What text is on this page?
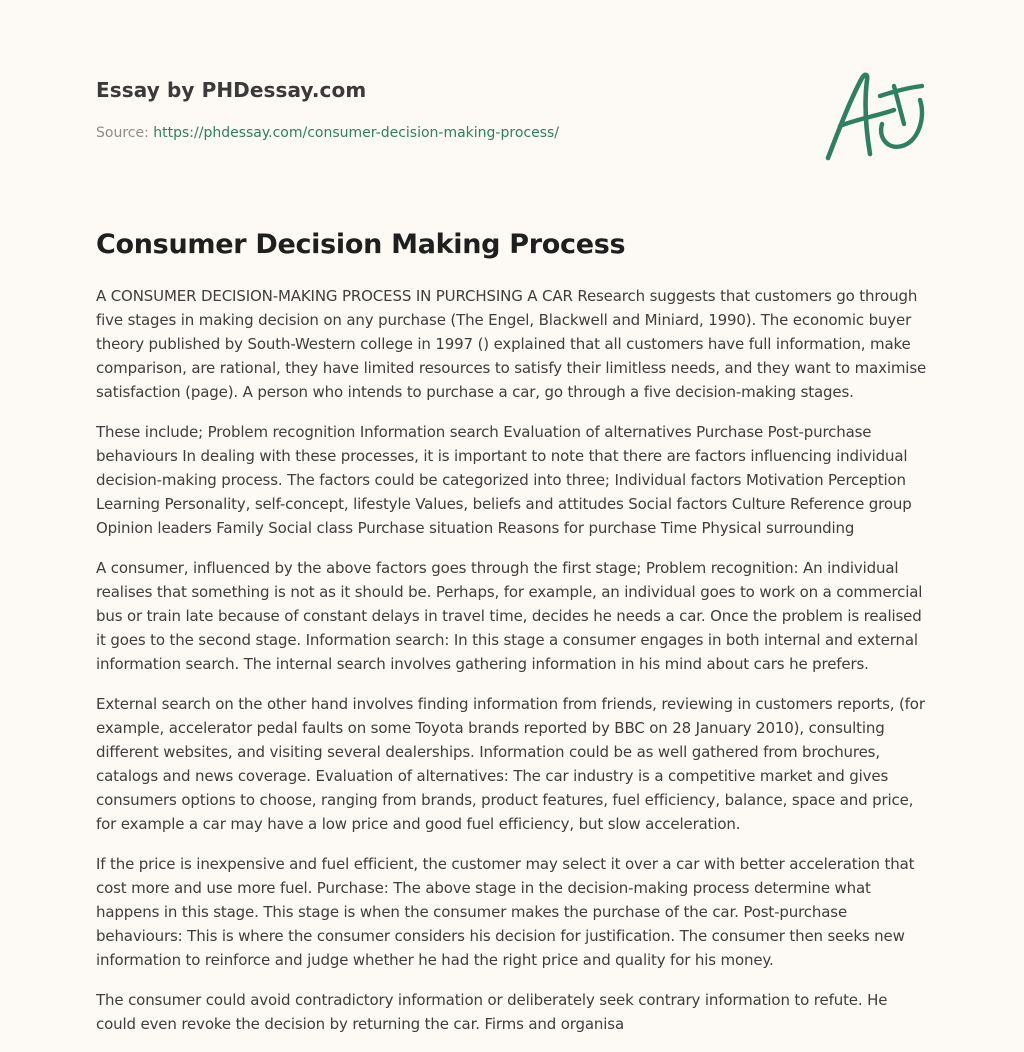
Essay by PHDessay.com
Source: https://phdessay.com/consumer-decision-making-process/
Consumer Decision Making Process

A CONSUMER DECISION-MAKING PROCESS IN PURCHSING A CAR Research suggests that customers go through five stages in making decision on any purchase (The Engel, Blackwell and Miniard, 1990). The economic buyer theory published by South-Western college in 1997 () explained that all customers have full information, make comparison, are rational, they have limited resources to satisfy their limitless needs, and they want to maximise satisfaction (page). A person who intends to purchase a car, go through a five decision-making stages.

These include; Problem recognition Information search Evaluation of alternatives Purchase Post-purchase behaviours In dealing with these processes, it is important to note that there are factors influencing individual decision-making process. The factors could be categorized into three; Individual factors Motivation Perception Learning Personality, self-concept, lifestyle Values, beliefs and attitudes Social factors Culture Reference group Opinion leaders Family Social class Purchase situation Reasons for purchase Time Physical surrounding

A consumer, influenced by the above factors goes through the first stage; Problem recognition: An individual realises that something is not as it should be. Perhaps, for example, an individual goes to work on a commercial bus or train late because of constant delays in travel time, decides he needs a car. Once the problem is realised it goes to the second stage. Information search: In this stage a consumer engages in both internal and external information search. The internal search involves gathering information in his mind about cars he prefers.

External search on the other hand involves finding information from friends, reviewing in customers reports, (for example, accelerator pedal faults on some Toyota brands reported by BBC on 28 January 2010), consulting different websites, and visiting several dealerships. Information could be as well gathered from brochures, catalogs and news coverage. Evaluation of alternatives: The car industry is a competitive market and gives consumers options to choose, ranging from brands, product features, fuel efficiency, balance, space and price, for example a car may have a low price and good fuel efficiency, but slow acceleration.

If the price is inexpensive and fuel efficient, the customer may select it over a car with better acceleration that cost more and use more fuel. Purchase: The above stage in the decision-making process determine what happens in this stage. This stage is when the consumer makes the purchase of the car. Post-purchase behaviours: This is where the consumer considers his decision for justification. The consumer then seeks new information to reinforce and judge whether he had the right price and quality for his money.

The consumer could avoid contradictory information or deliberately seek contrary information to refute. He could even revoke the decision by returning the car. Firms and organisa
